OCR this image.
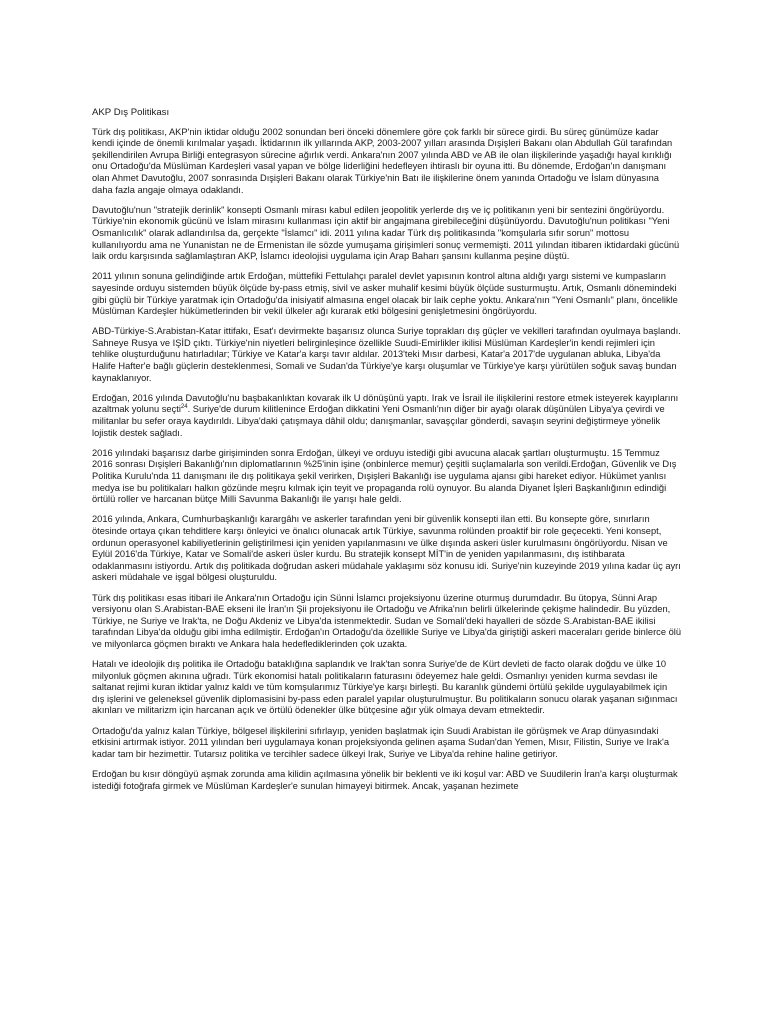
AKP Dış Politikası

Türk dış politikası, AKP'nin iktidar olduğu 2002 sonundan beri önceki dönemlere göre çok farklı bir sürece girdi. Bu süreç günümüze kadar kendi içinde de önemli kırılmalar yaşadı. İktidarının ilk yıllarında AKP, 2003-2007 yılları arasında Dışişleri Bakanı olan Abdullah Gül tarafından şekillendirilen Avrupa Birliği entegrasyon sürecine ağırlık verdi. Ankara'nın 2007 yılında ABD ve AB ile olan ilişkilerinde yaşadığı hayal kırıklığı onu Ortadoğu'da Müslüman Kardeşleri vasal yapan ve bölge liderliğini hedefleyen ihtiraslı bir oyuna itti. Bu dönemde, Erdoğan'ın danışmanı olan Ahmet Davutoğlu, 2007 sonrasında Dışişleri Bakanı olarak Türkiye'nin Batı ile ilişkilerine önem yanında Ortadoğu ve İslam dünyasına daha fazla angaje olmaya odaklandı.

Davutoğlu'nun "stratejik derinlik" konsepti Osmanlı mirası kabul edilen jeopolitik yerlerde dış ve iç politikanın yeni bir sentezini öngörüyordu. Türkiye'nin ekonomik gücünü ve İslam mirasını kullanması için aktif bir angajmana girebileceğini düşünüyordu. Davutoğlu'nun politikası "Yeni Osmanlıcılık" olarak adlandırılsa da, gerçekte "İslamcı" idi. 2011 yılına kadar Türk dış politikasında "komşularla sıfır sorun" mottosu kullanılıyordu ama ne Yunanistan ne de Ermenistan ile sözde yumuşama girişimleri sonuç vermemişti. 2011 yılından itibaren iktidardaki gücünü laik ordu karşısında sağlamlaştıran AKP, İslamcı ideolojisi uygulama için Arap Baharı şansını kullanma peşine düştü.

2011 yılının sonuna gelindiğinde artık Erdoğan, müttefiki Fettulahçı paralel devlet yapısının kontrol altına aldığı yargı sistemi ve kumpasların sayesinde orduyu sistemden büyük ölçüde by-pass etmiş, sivil ve asker muhalif kesimi büyük ölçüde susturmuştu. Artık, Osmanlı dönemindeki gibi güçlü bir Türkiye yaratmak için Ortadoğu'da inisiyatif almasına engel olacak bir laik cephe yoktu. Ankara'nın "Yeni Osmanlı" planı, öncelikle Müslüman Kardeşler hükümetlerinden bir vekil ülkeler ağı kurarak etki bölgesini genişletmesini öngörüyordu.

ABD-Türkiye-S.Arabistan-Katar ittifakı, Esat'ı devirmekte başarısız olunca Suriye toprakları dış güçler ve vekilleri tarafından oyulmaya başlandı. Sahneye Rusya ve IŞİD çıktı. Türkiye'nin niyetleri belirginleşince özellikle Suudi-Emirlikler ikilisi Müslüman Kardeşler'in kendi rejimleri için tehlike oluşturduğunu hatırladılar; Türkiye ve Katar'a karşı tavır aldılar. 2013'teki Mısır darbesi, Katar'a 2017'de uygulanan abluka, Libya'da Halife Hafter'e bağlı güçlerin desteklenmesi, Somali ve Sudan'da Türkiye'ye karşı oluşumlar ve Türkiye'ye karşı yürütülen soğuk savaş bundan kaynaklanıyor.

Erdoğan, 2016 yılında Davutoğlu'nu başbakanlıktan kovarak ilk U dönüşünü yaptı. Irak ve İsrail ile ilişkilerini restore etmek isteyerek kayıplarını azaltmak yolunu seçti$^{24}$. Suriye'de durum kilitlenince Erdoğan dikkatini Yeni Osmanlı'nın diğer bir ayağı olarak düşünülen Libya'ya çevirdi ve militanlar bu sefer oraya kaydırıldı. Libya'daki çatışmaya dâhil oldu; danışmanlar, savaşçılar gönderdi, savaşın seyrini değiştirmeye yönelik lojistik destek sağladı.

2016 yılındaki başarısız darbe girişiminden sonra Erdoğan, ülkeyi ve orduyu istediği gibi avucuna alacak şartları oluşturmuştu. 15 Temmuz 2016 sonrası Dışişleri Bakanlığı'nın diplomatlarının %25'inin işine (onbinlerce memur) çeşitli suçlamalarla son verildi.Erdoğan, Güvenlik ve Dış Politika Kurulu'nda 11 danışmanı ile dış politikaya şekil verirken, Dışişleri Bakanlığı ise uygulama ajansı gibi hareket ediyor. Hükümet yanlısı medya ise bu politikaları halkın gözünde meşru kılmak için teyit ve propaganda rolü oynuyor. Bu alanda Diyanet İşleri Başkanlığının edindiği örtülü roller ve harcanan bütçe Milli Savunma Bakanlığı ile yarışı hale geldi.

2016 yılında, Ankara, Cumhurbaşkanlığı karargâhı ve askerler tarafından yeni bir güvenlik konsepti ilan etti. Bu konsepte göre, sınırların ötesinde ortaya çıkan tehditlere karşı önleyici ve önalıcı olunacak artık Türkiye, savunma rolünden proaktif bir role geçecekti. Yeni konsept, ordunun operasyonel kabiliyetlerinin geliştirilmesi için yeniden yapılanmasını ve ülke dışında askeri üsler kurulmasını öngörüyordu. Nisan ve Eylül 2016'da Türkiye, Katar ve Somali'de askeri üsler kurdu. Bu stratejik konsept MİT'in de yeniden yapılanmasını, dış istihbarata odaklanmasını istiyordu. Artık dış politikada doğrudan askeri müdahale yaklaşımı söz konusu idi. Suriye'nin kuzeyinde 2019 yılına kadar üç ayrı askeri müdahale ve işgal bölgesi oluşturuldu.

Türk dış politikası esas itibari ile Ankara'nın Ortadoğu için Sünni İslamcı projeksiyonu üzerine oturmuş durumdadır. Bu ütopya, Sünni Arap versiyonu olan S.Arabistan-BAE ekseni ile İran'ın Şii projeksiyonu ile Ortadoğu ve Afrika'nın belirli ülkelerinde çekişme halindedir. Bu yüzden, Türkiye, ne Suriye ve Irak'ta, ne Doğu Akdeniz ve Libya'da istenmektedir. Sudan ve Somali'deki hayalleri de sözde S.Arabistan-BAE ikilisi tarafından Libya'da olduğu gibi imha edilmiştir. Erdoğan'ın Ortadoğu'da özellikle Suriye ve Libya'da giriştiği askeri maceraları geride binlerce ölü ve milyonlarca göçmen bıraktı ve Ankara hala hedeflediklerinden çok uzakta.

Hatalı ve ideolojik dış politika ile Ortadoğu bataklığına saplandık ve Irak'tan sonra Suriye'de de Kürt devleti de facto olarak doğdu ve ülke 10 milyonluk göçmen akınına uğradı. Türk ekonomisi hatalı politikaların faturasını ödeyemez hale geldi. Osmanlıyı yeniden kurma sevdası ile saltanat rejimi kuran iktidar yalnız kaldı ve tüm komşularımız Türkiye'ye karşı birleşti. Bu karanlık gündemi örtülü şekilde uygulayabilmek için dış işlerini ve geleneksel güvenlik diplomasisini by-pass eden paralel yapılar oluşturulmuştur. Bu politikaların sonucu olarak yaşanan sığınmacı akınları ve militarizm için harcanan açık ve örtülü ödenekler ülke bütçesine ağır yük olmaya devam etmektedir.

Ortadoğu'da yalnız kalan Türkiye, bölgesel ilişkilerini sıfırlayıp, yeniden başlatmak için Suudi Arabistan ile görüşmek ve Arap dünyasındaki etkisini artırmak istiyor. 2011 yılından beri uygulamaya konan projeksiyonda gelinen aşama Sudan'dan Yemen, Mısır, Filistin, Suriye ve Irak'a kadar tam bir hezimettir. Tutarsız politika ve tercihler sadece ülkeyi Irak, Suriye ve Libya'da rehine haline getiriyor.

Erdoğan bu kısır döngüyü aşmak zorunda ama kilidin açılmasına yönelik bir beklenti ve iki koşul var: ABD ve Suudilerin İran'a karşı oluşturmak istediği fotoğrafa girmek ve Müslüman Kardeşler'e sunulan himayeyi bitirmek. Ancak, yaşanan hezimete
